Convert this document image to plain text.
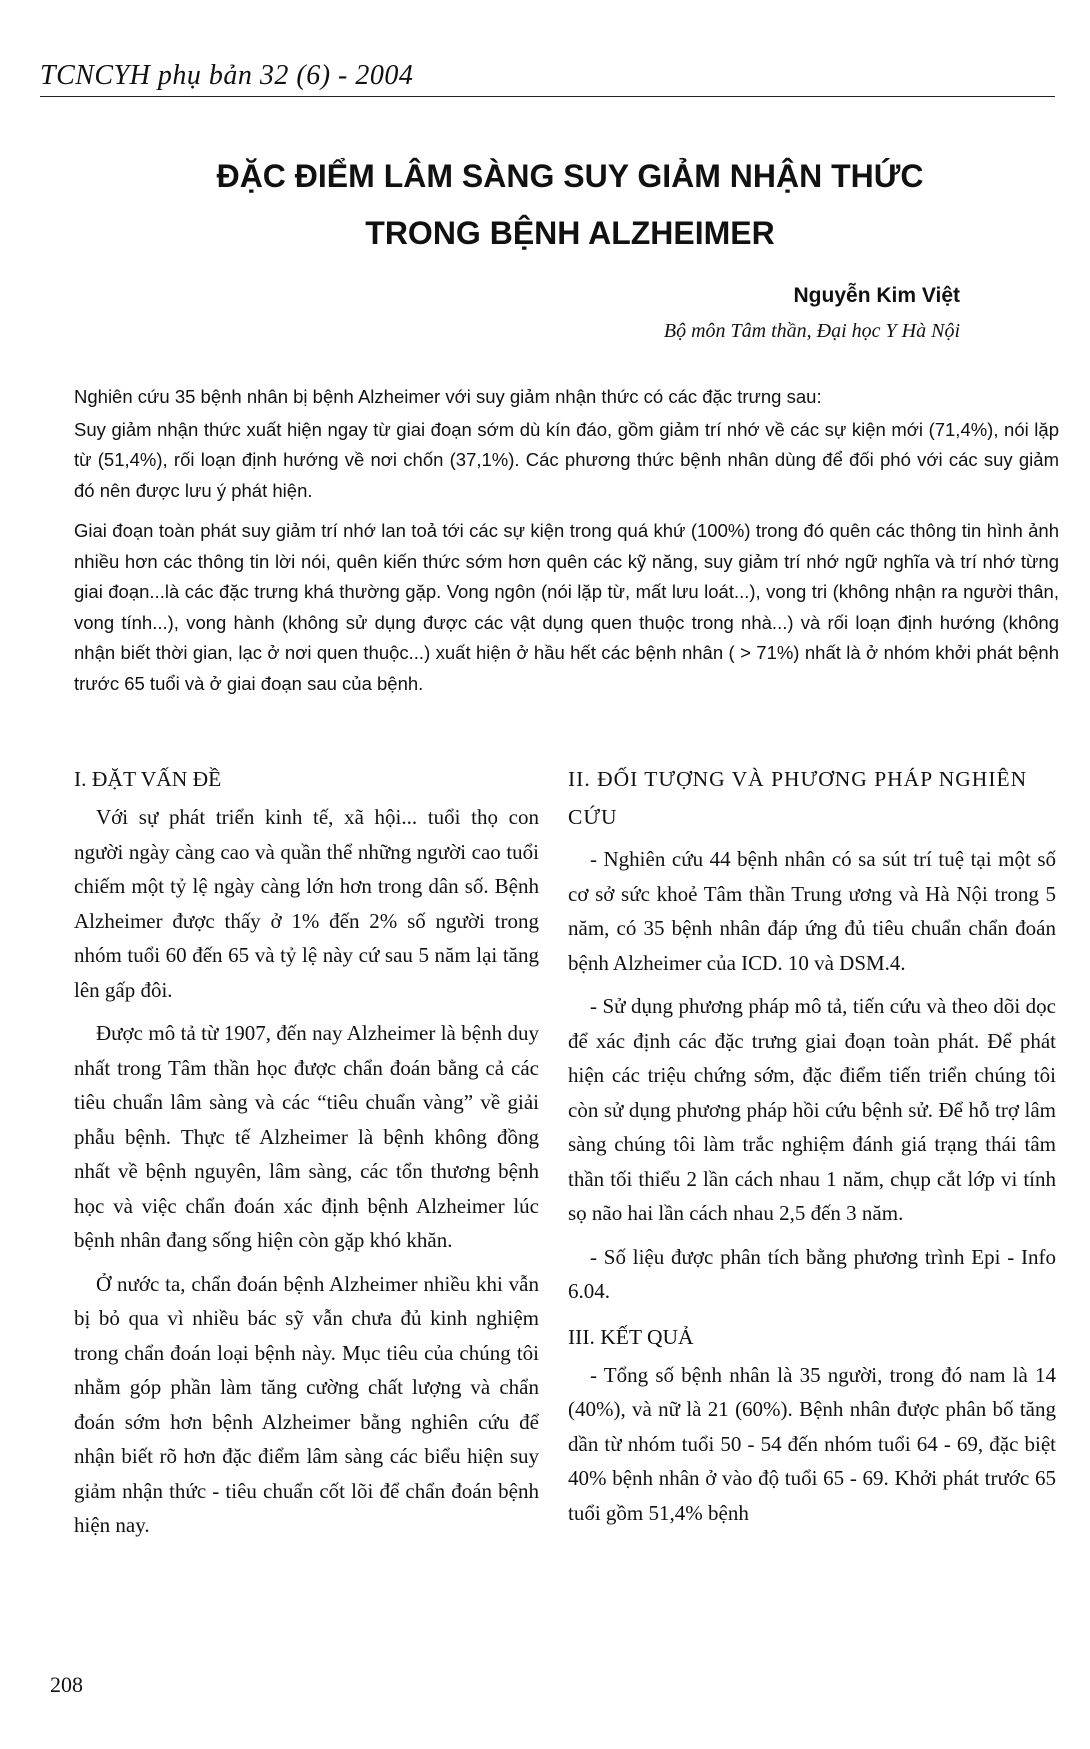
TCNCYH phụ bản 32 (6) - 2004
ĐẶC ĐIỂM LÂM SÀNG SUY GIẢM NHẬN THỨC
TRONG BỆNH ALZHEIMER
Nguyễn Kim Việt
Bộ môn Tâm thần, Đại học Y Hà Nội

Nghiên cứu 35 bệnh nhân bị bệnh Alzheimer với suy giảm nhận thức có các đặc trưng sau:

Suy giảm nhận thức xuất hiện ngay từ giai đoạn sớm dù kín đáo, gồm giảm trí nhớ về các sự kiện mới (71,4%), nói lặp từ (51,4%), rối loạn định hướng về nơi chốn (37,1%). Các phương thức bệnh nhân dùng để đối phó với các suy giảm đó nên được lưu ý phát hiện.

Giai đoạn toàn phát suy giảm trí nhớ lan toả tới các sự kiện trong quá khứ (100%) trong đó quên các thông tin hình ảnh nhiều hơn các thông tin lời nói, quên kiến thức sớm hơn quên các kỹ năng, suy giảm trí nhớ ngữ nghĩa và trí nhớ từng giai đoạn...là các đặc trưng khá thường gặp. Vong ngôn (nói lặp từ, mất lưu loát...), vong tri (không nhận ra người thân, vong tính...), vong hành (không sử dụng được các vật dụng quen thuộc trong nhà...) và rối loạn định hướng (không nhận biết thời gian, lạc ở nơi quen thuộc...) xuất hiện ở hầu hết các bệnh nhân ( > 71%) nhất là ở nhóm khởi phát bệnh trước 65 tuổi và ở giai đoạn sau của bệnh.

I. ĐẶT VẤN ĐỀ

Với sự phát triển kinh tế, xã hội... tuổi thọ con người ngày càng cao và quần thể những người cao tuổi chiếm một tỷ lệ ngày càng lớn hơn trong dân số. Bệnh Alzheimer được thấy ở 1% đến 2% số người trong nhóm tuổi 60 đến 65 và tỷ lệ này cứ sau 5 năm lại tăng lên gấp đôi.

Được mô tả từ 1907, đến nay Alzheimer là bệnh duy nhất trong Tâm thần học được chẩn đoán bằng cả các tiêu chuẩn lâm sàng và các “tiêu chuẩn vàng” về giải phẫu bệnh. Thực tế Alzheimer là bệnh không đồng nhất về bệnh nguyên, lâm sàng, các tổn thương bệnh học và việc chẩn đoán xác định bệnh Alzheimer lúc bệnh nhân đang sống hiện còn gặp khó khăn.

Ở nước ta, chẩn đoán bệnh Alzheimer nhiều khi vẫn bị bỏ qua vì nhiều bác sỹ vẫn chưa đủ kinh nghiệm trong chẩn đoán loại bệnh này. Mục tiêu của chúng tôi nhằm góp phần làm tăng cường chất lượng và chẩn đoán sớm hơn bệnh Alzheimer bằng nghiên cứu để nhận biết rõ hơn đặc điểm lâm sàng các biểu hiện suy giảm nhận thức - tiêu chuẩn cốt lõi để chẩn đoán bệnh hiện nay.

II. ĐỐI TƯỢNG VÀ PHƯƠNG PHÁP NGHIÊN CỨU

- Nghiên cứu 44 bệnh nhân có sa sút trí tuệ tại một số cơ sở sức khoẻ Tâm thần Trung ương và Hà Nội trong 5 năm, có 35 bệnh nhân đáp ứng đủ tiêu chuẩn chẩn đoán bệnh Alzheimer của ICD. 10 và DSM.4.

- Sử dụng phương pháp mô tả, tiến cứu và theo dõi dọc để xác định các đặc trưng giai đoạn toàn phát. Để phát hiện các triệu chứng sớm, đặc điểm tiến triển chúng tôi còn sử dụng phương pháp hồi cứu bệnh sử. Để hỗ trợ lâm sàng chúng tôi làm trắc nghiệm đánh giá trạng thái tâm thần tối thiểu 2 lần cách nhau 1 năm, chụp cắt lớp vi tính sọ não hai lần cách nhau 2,5 đến 3 năm.

- Số liệu được phân tích bằng phương trình Epi - Info 6.04.

III. KẾT QUẢ

- Tổng số bệnh nhân là 35 người, trong đó nam là 14 (40%), và nữ là 21 (60%). Bệnh nhân được phân bố tăng dần từ nhóm tuổi 50 - 54 đến nhóm tuổi 64 - 69, đặc biệt 40% bệnh nhân ở vào độ tuổi 65 - 69. Khởi phát trước 65 tuổi gồm 51,4% bệnh

208
